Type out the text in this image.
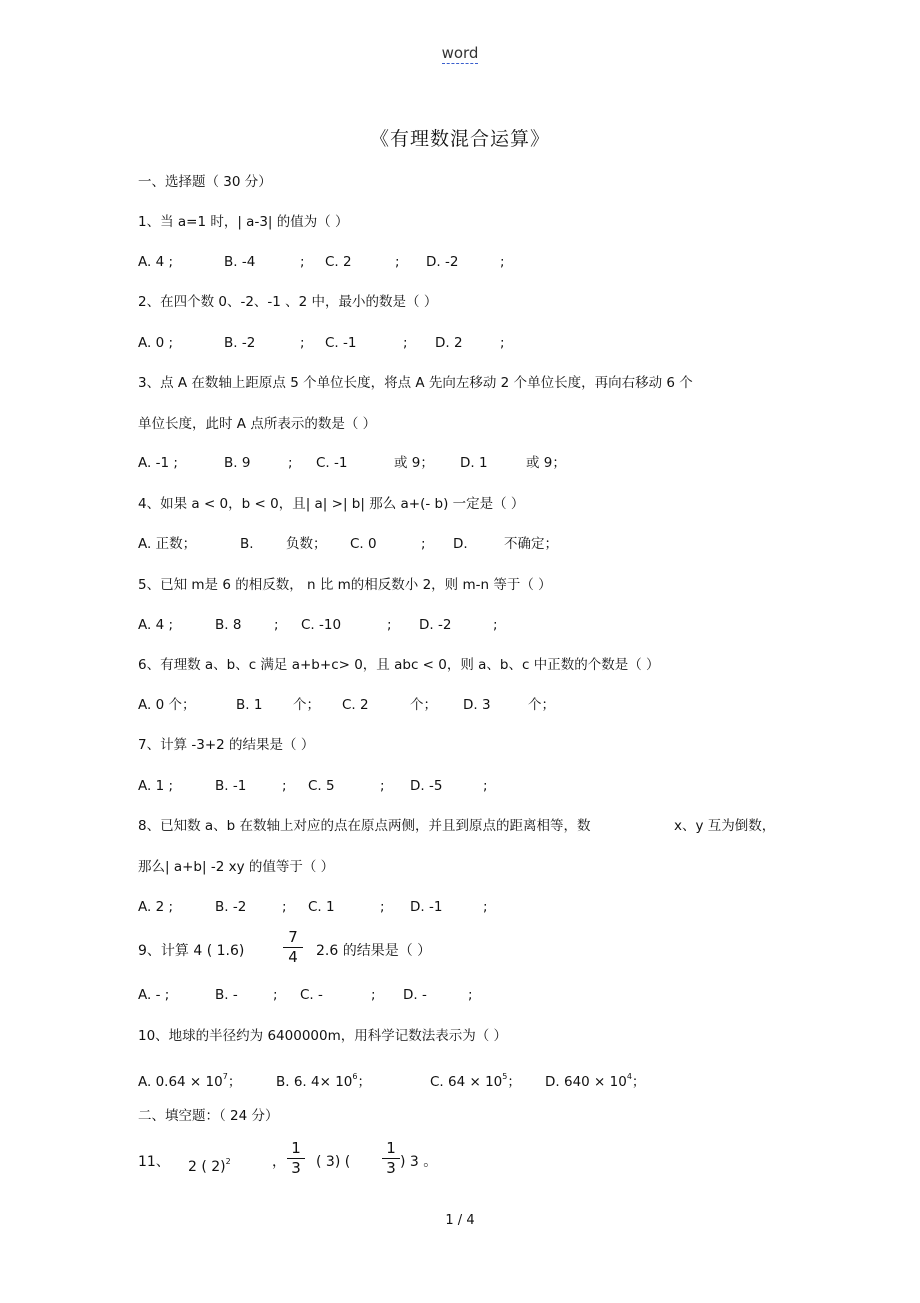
word
《有理数混合运算》
一、选择题（ 30 分）
1、当 a=1 时，| a-3| 的值为（ ）
A. 4 ;	B. -4	; C. 2	; D. -2	;
2、在四个数 0、-2、-1 、2 中，最小的数是（ ）
A. 0 ;	B. -2	; C. -1	; D. 2	;
3、点 A 在数轴上距原点 5 个单位长度，将点 A 先向左移动 2 个单位长度，再向右移动 6 个
单位长度，此时 A 点所表示的数是（ ）
A. -1 ;	B. 9	; C. -1	或 9； D. 1	或 9；
4、如果 a < 0，b < 0，且| a| >| b| 那么 a+(- b) 一定是（ ）
A. 正数；	B. 负数； C. 0	; D.	不确定；
5、已知 m是 6 的相反数， n 比 m的相反数小 2，则 m-n 等于（ ）
A. 4 ;	B. 8 ; C. -10	; D. -2	;
6、有理数 a、b、c 满足 a+b+c> 0，且 abc < 0，则 a、b、c 中正数的个数是（ ）
A. 0 个；	B. 1 个； C. 2	个； D. 3	个；
7、计算 -3+2 的结果是（ ）
A. 1 ;	B. -1	; C. 5	; D. -5	;
8、已知数 a、b 在数轴上对应的点在原点两侧，并且到原点的距离相等，数	x、y 互为倒数，
那么| a+b| -2 xy 的值等于（ ）
A. 2 ;	B. -2	; C. 1	; D. -1	;
9、计算 4 ( 1.6)	$\frac{7}{4} 2.6$ 的结果是（ ）
A. - ;	B. -	; C. -	; D. -	;
10、地球的半径约为 6400000m，用科学记数法表示为（ ）
A. $0.64 \times 10^7$；	B. 6. $4\times 10^6$；	C. $64 \times 10^5$； D. $640 \times 10^4$；
二、填空题：（ 24 分）
11、 2 ( 2)$^2$	， $\frac{1}{3}$ ( 3) ( $\frac{1}{3}$ ) 3 。
1 / 4
